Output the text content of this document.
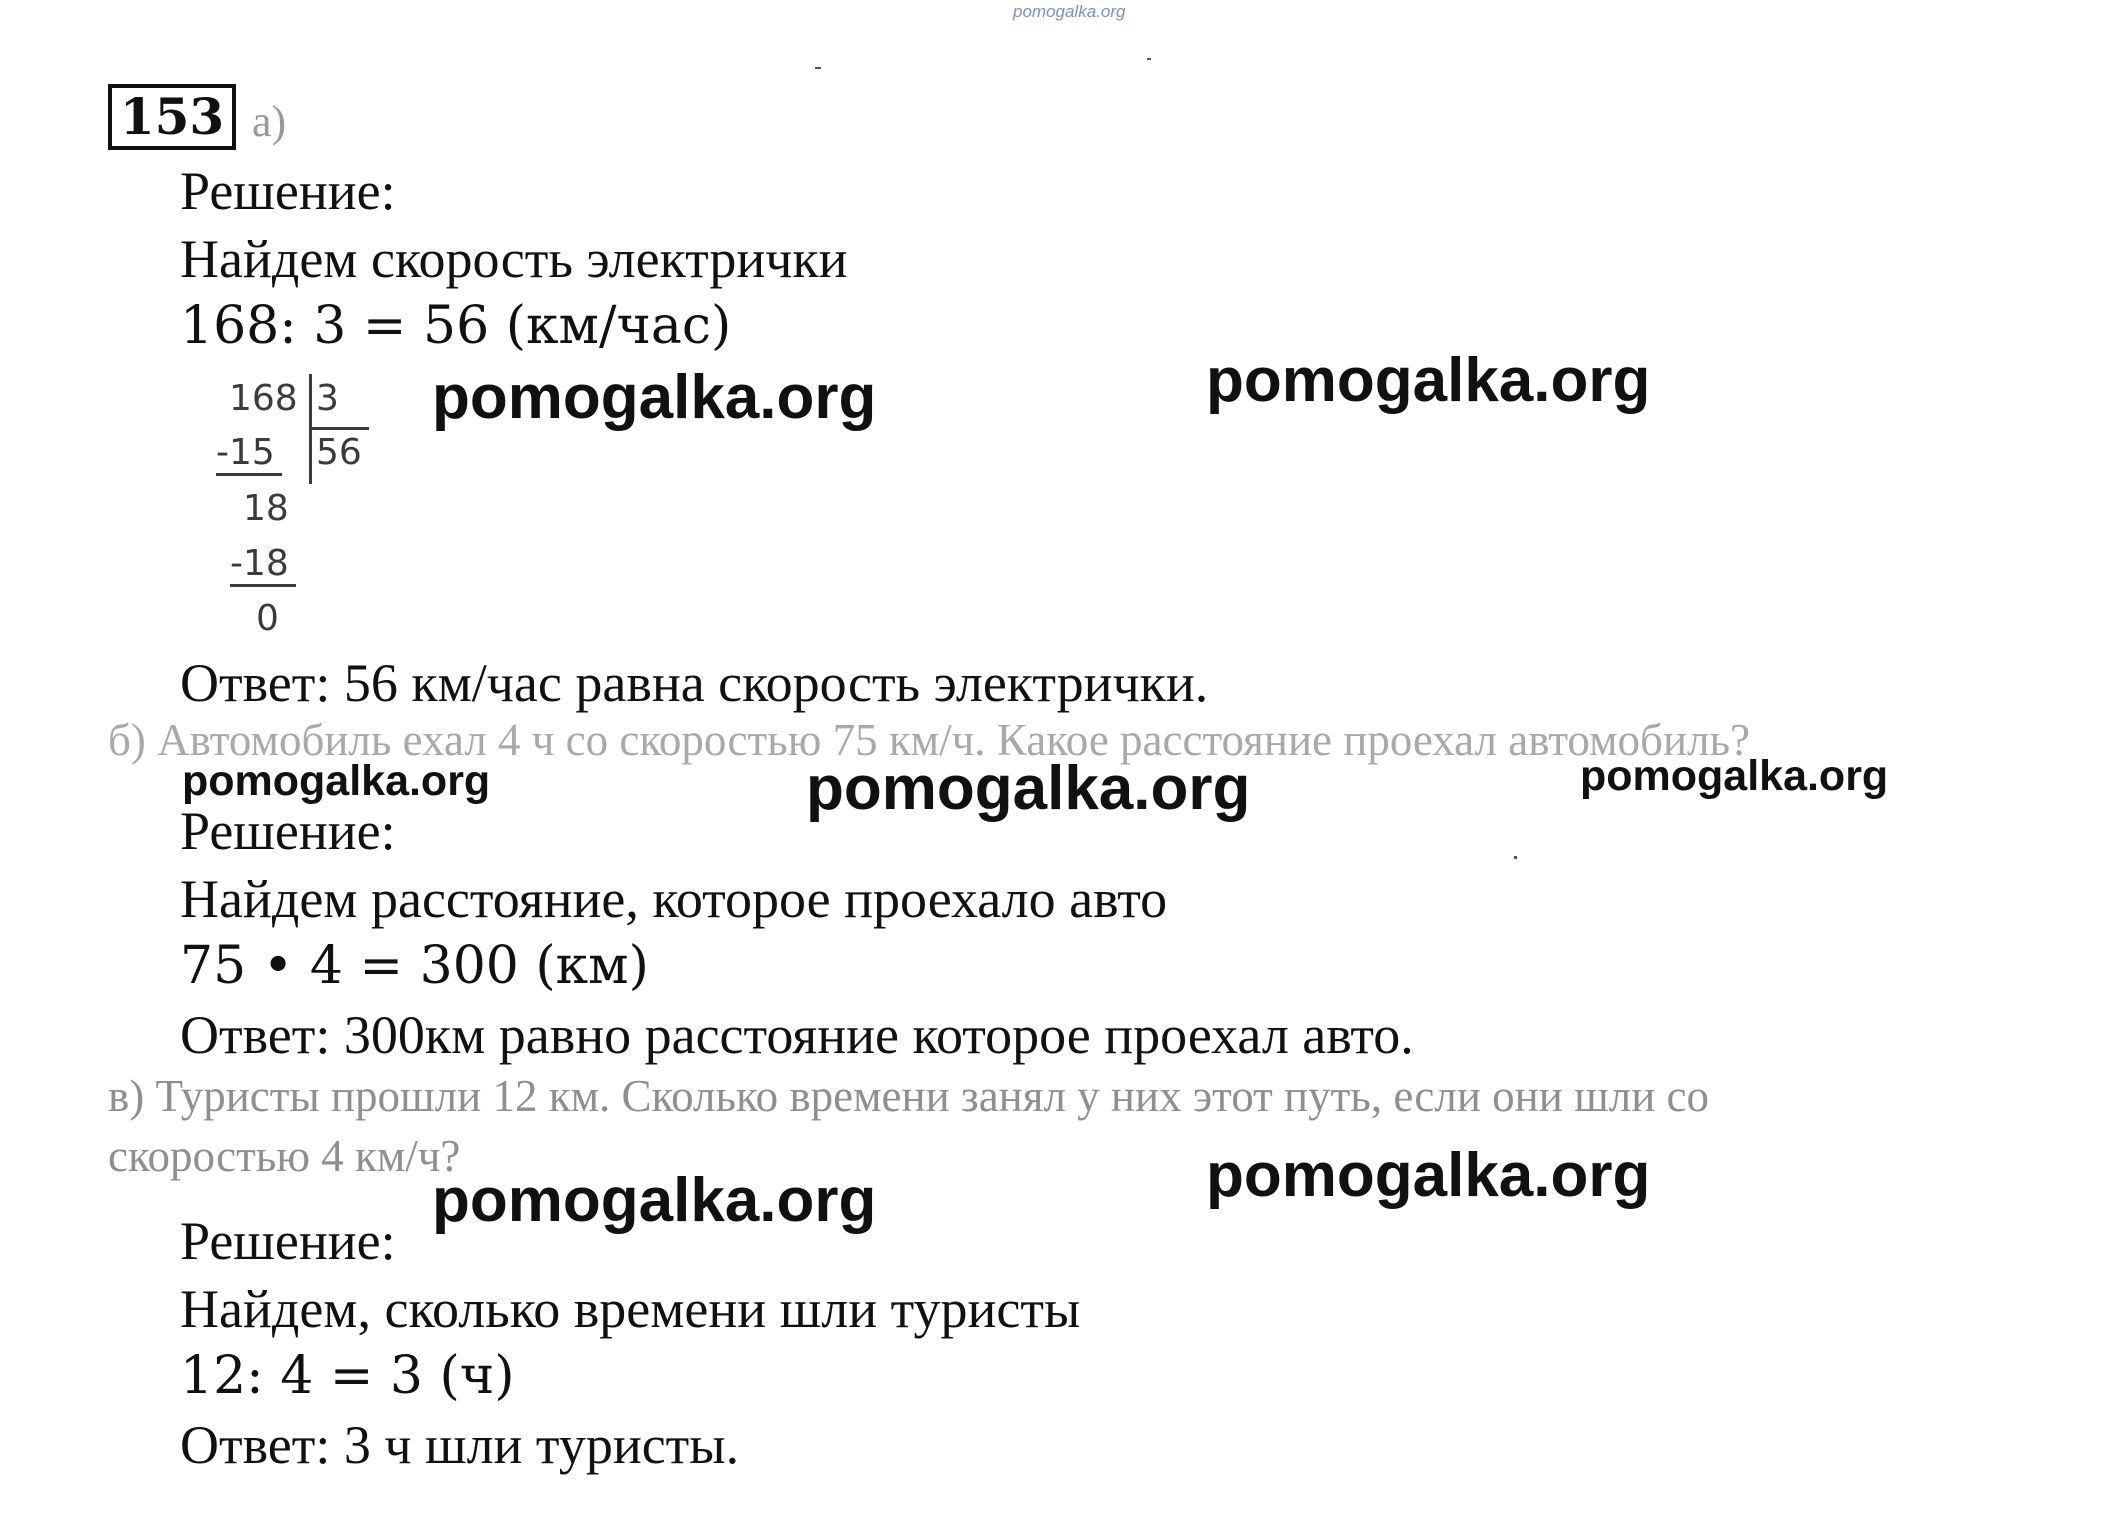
pomogalka.org
153 а)
Решение:
Найдем скорость электрички
168: 3 = 56 (км/час)
168 3
56
-15
18
-18
0
Ответ: 56 км/час равна скорость электрички.
б) Автомобиль ехал 4 ч со скоростью 75 км/ч. Какое расстояние проехал автомобиль?
Решение:
Найдем расстояние, которое проехало авто
75 • 4 = 300 (км)
Ответ: 300км равно расстояние которое проехал авто.
в) Туристы прошли 12 км. Сколько времени занял у них этот путь, если они шли со
скоростью 4 км/ч?
Решение:
Найдем, сколько времени шли туристы
12: 4 = 3 (ч)
Ответ: 3 ч шли туристы.
pomogalka.org	pomogalka.org
pomogalka.org	pomogalka.org	pomogalka.org
pomogalka.org
pomogalka.org
